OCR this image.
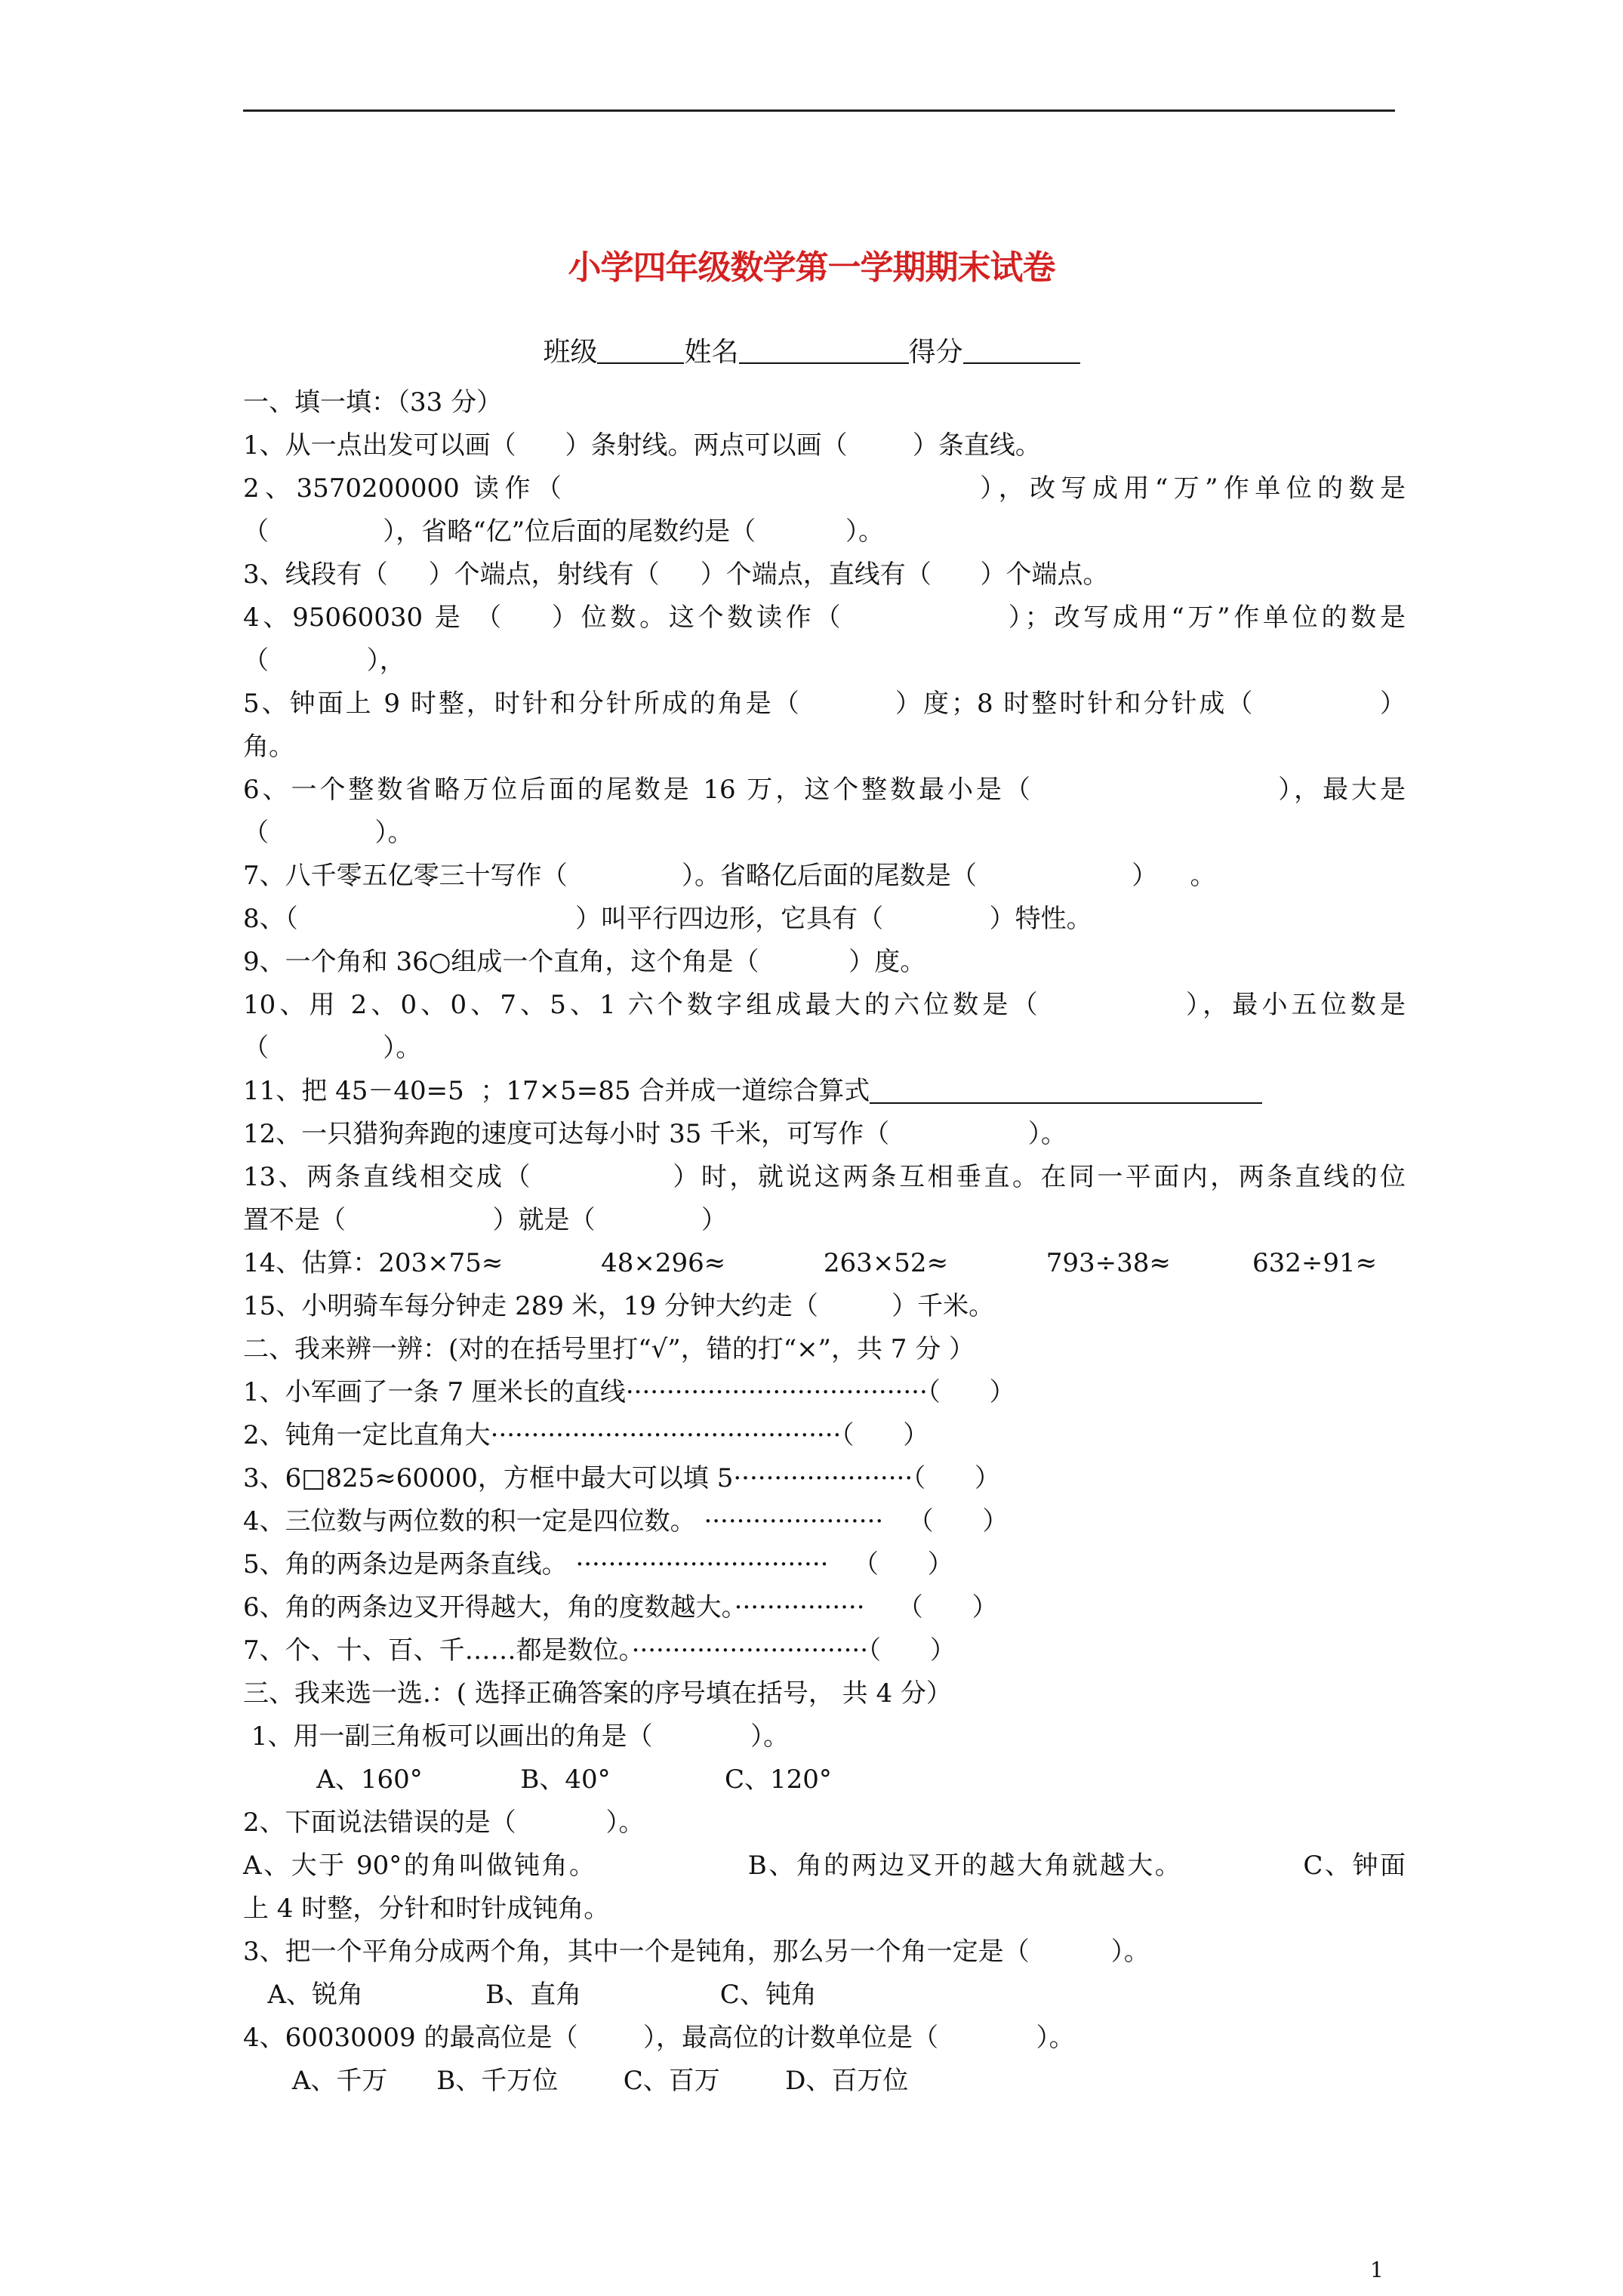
小学四年级数学第一学期期末试卷
班级	姓名	得分
一、填一填：（33 分）
1、从一点出发可以画（      ）条射线。两点可以画（        ）条直线。
2、3570200000 读作（                              ），改写成用“万”作单位的数是
（              ），省略“亿”位后面的尾数约是（           ）。
3、线段有（     ）个端点，射线有（     ）个端点，直线有（      ）个端点。
4、95060030 是 （    ）位数。这个数读作（              ）；改写成用“万”作单位的数是
（            ），
5、钟面上 9 时整，时针和分针所成的角是（         ）度；8 时整时针和分针成（            ）
角。
6、一个整数省略万位后面的尾数是 16 万，这个整数最小是（                      ），最大是
（             ）。
7、八千零五亿零三十写作（              ）。省略亿后面的尾数是（                   ）    。
8、（                                  ）叫平行四边形，它具有（             ）特性。
9、一个角和 36○组成一个直角，这个角是（           ）度。
10、用 2、0、0、7、5、1 六个数字组成最大的六位数是（            ），最小五位数是
（              ）。
11、把 45－40=5  ；17×5=85 合并成一道综合算式
12、一只猎狗奔跑的速度可达每小时 35 千米，可写作（                 ）。
13、两条直线相交成（             ）时，就说这两条互相垂直。在同一平面内，两条直线的位
置不是（                  ）就是（             ）
14、估算：203×75≈            48×296≈            263×52≈            793÷38≈          632÷91≈
15、小明骑车每分钟走 289 米，19 分钟大约走（         ）千米。
二、我来辨一辨：(对的在括号里打“√”，错的打“×”，共 7 分 ）
1、小军画了一条 7 厘米长的直线·····································（      ）
2、钝角一定比直角大···········································（      ）
3、6□825≈60000，方框中最大可以填 5······················（      ）
4、三位数与两位数的积一定是四位数。 ······················   （      ）
5、角的两条边是两条直线。 ·······························   （      ）
6、角的两条边叉开得越大，角的度数越大。················    （      ）
7、个、十、百、千……都是数位。·····························（      ）
三、我来选一选.：( 选择正确答案的序号填在括号， 共 4 分）
1、用一副三角板可以画出的角是（            ）。
A、160°            B、40°              C、120°
2、下面说法错误的是（           ）。
A、大于 90°的角叫做钝角。               B、角的两边叉开的越大角就越大。            C、钟面
上 4 时整，分针和时针成钝角。
3、把一个平角分成两个角，其中一个是钝角，那么另一个角一定是（          ）。
A、锐角               B、直角                 C、钝角
4、60030009 的最高位是（        ），最高位的计数单位是（            ）。
A、千万      B、千万位        C、百万        D、百万位
1
